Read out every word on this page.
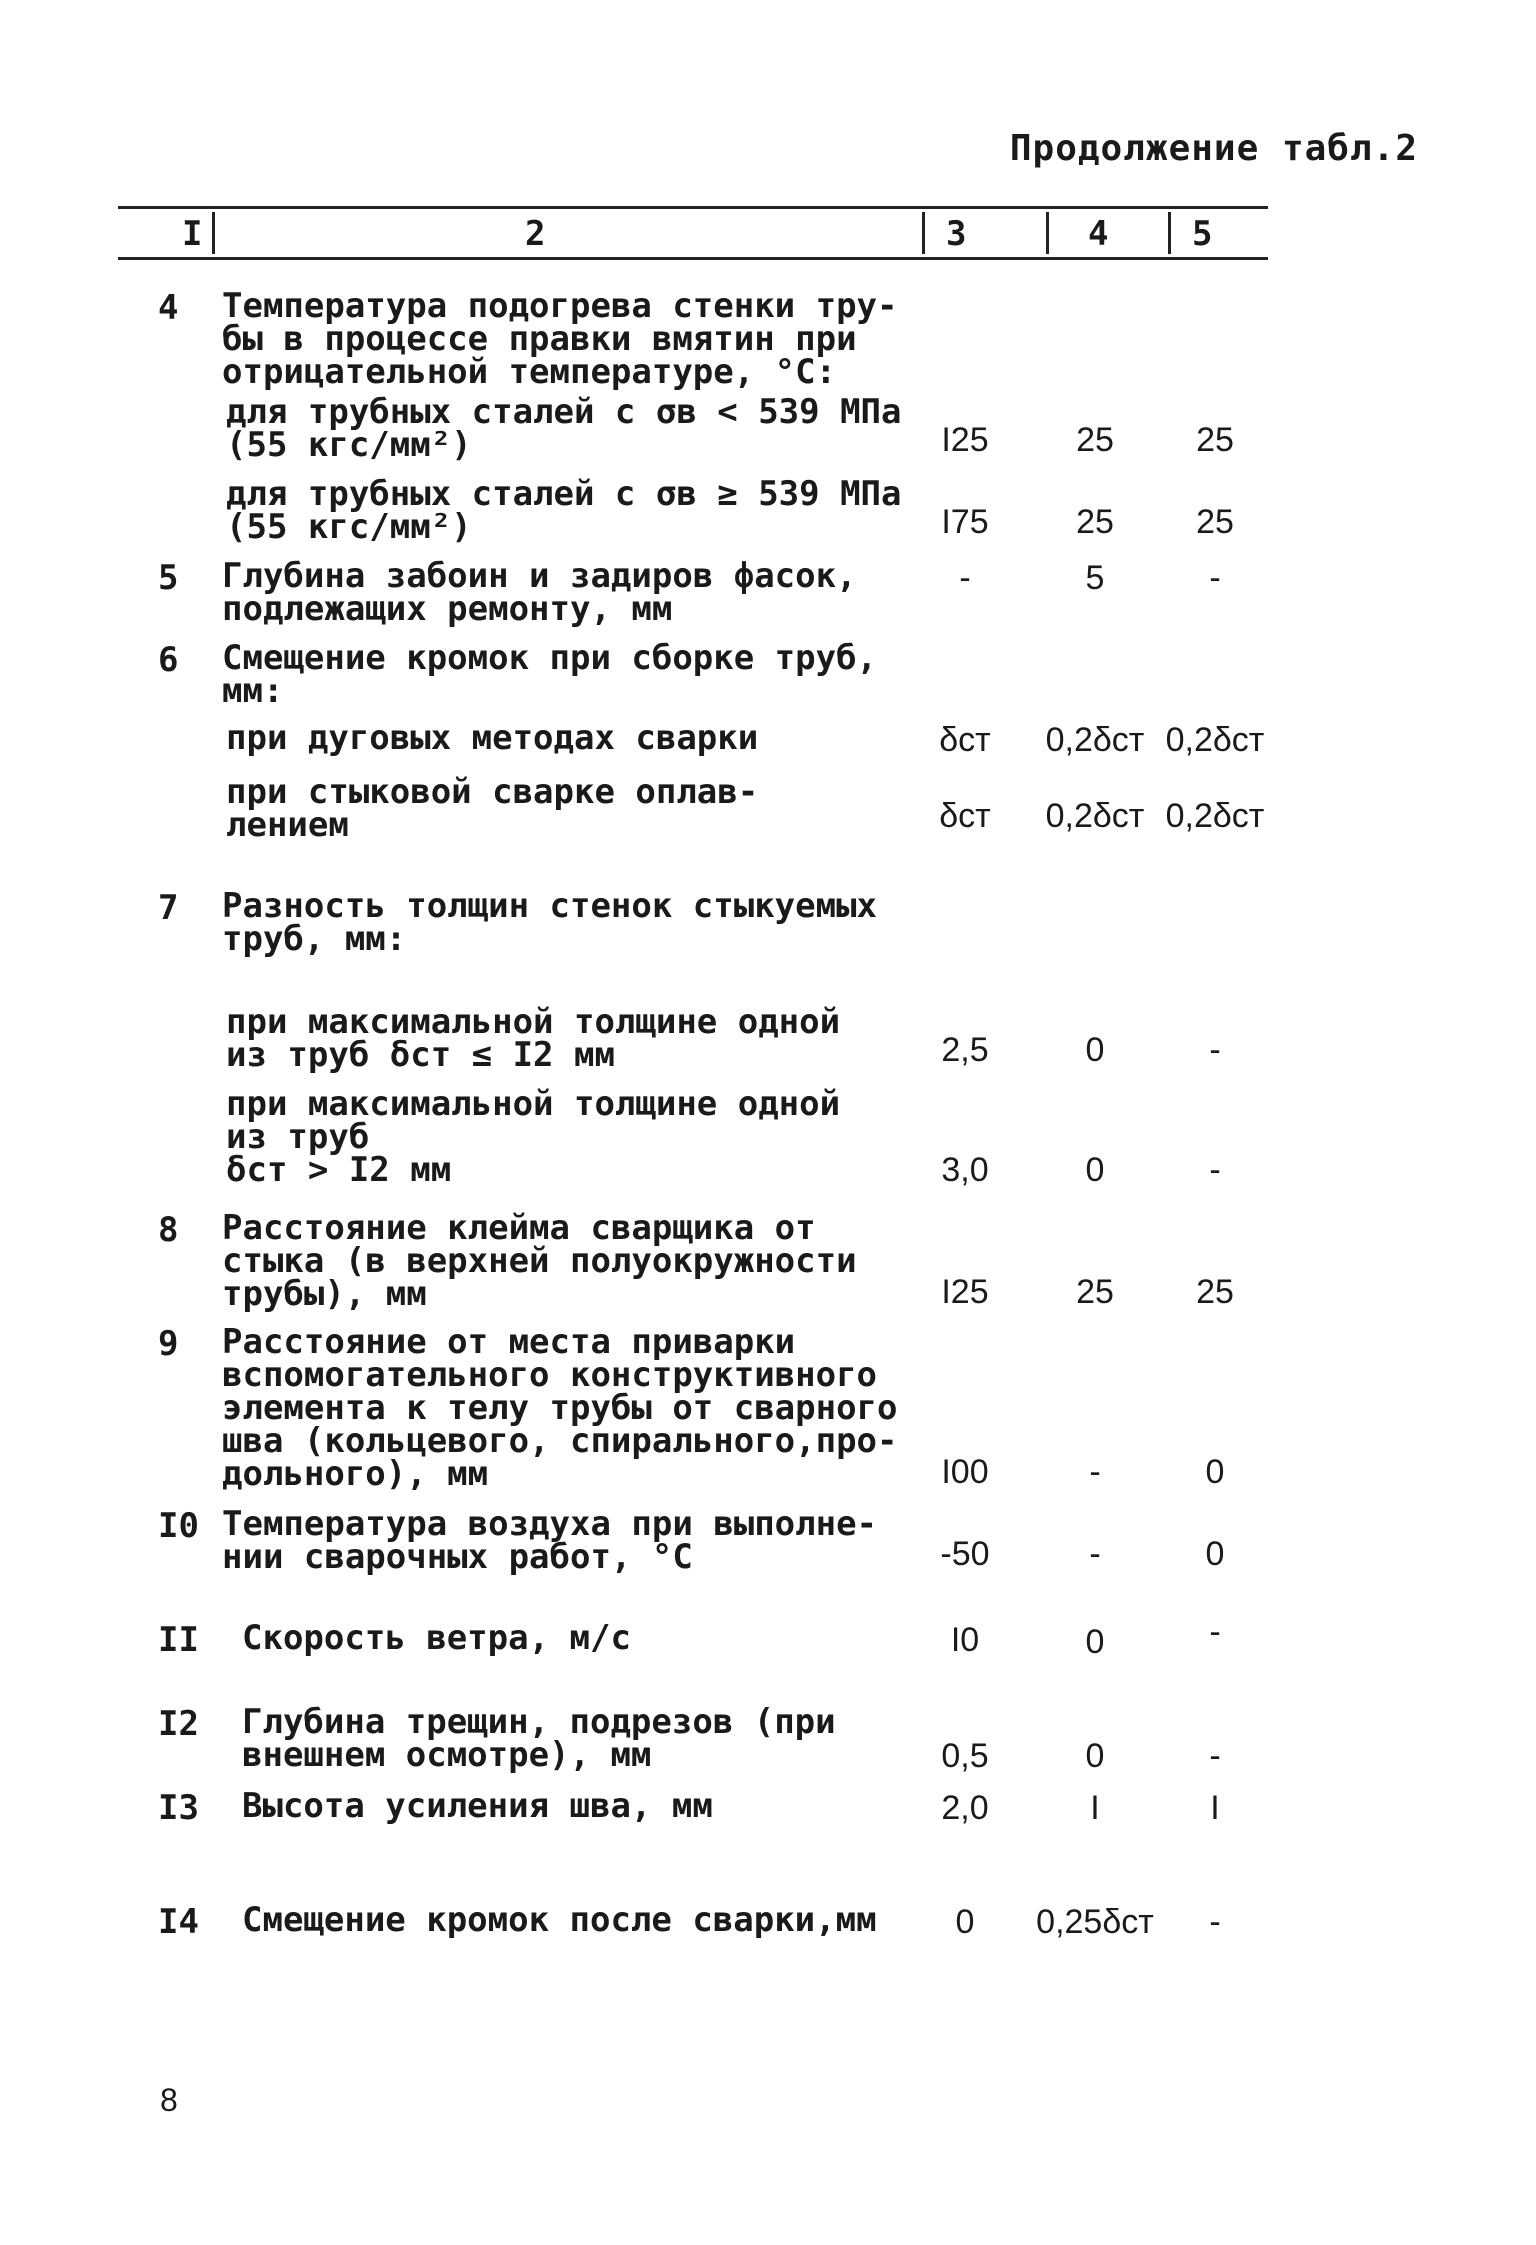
Продолжение табл.2
I	2	3	4 5
4	Температура подогрева стенки тру-
бы в процессе правки вмятин при
отрицательной температуре, °С:
для трубных сталей с σв < 539 МПа
(55 кгс/мм²)	I25	25	25
для трубных сталей с σв ≥ 539 МПа
(55 кгс/мм²)	I75	25	25
5	Глубина забоин и задиров фасок,
подлежащих ремонту, мм
-	5	-
6	Смещение кромок при сборке труб,
мм:
при дуговых методах сварки	δст	0,2δст 0,2δст
при стыковой сварке оплав-
лением	δст	0,2δст 0,2δст
7	Разность толщин стенок стыкуемых
труб, мм:
при максимальной толщине одной
из труб δст ≤ I2 мм	2,5	0	-
при максимальной толщине одной
из труб
δст > I2 мм	3,0	0	-
8	Расстояние клейма сварщика от
стыка (в верхней полуокружности
трубы), мм	I25	25	25
9	Расстояние от места приварки
вспомогательного конструктивного
элемента к телу трубы от сварного
шва (кольцевого, спирального,про-
дольного), мм	I00	-	0
I0 Температура воздуха при выполне-
нии сварочных работ, °С	-50	-	0
II	Скорость ветра, м/с	I0	0	-
I2	Глубина трещин, подрезов (при
внешнем осмотре), мм	0,5	0	-
I3	Высота усиления шва, мм	2,0	I	I
I4	Смещение кромок после сварки,мм	0	0,25δст	-
8
